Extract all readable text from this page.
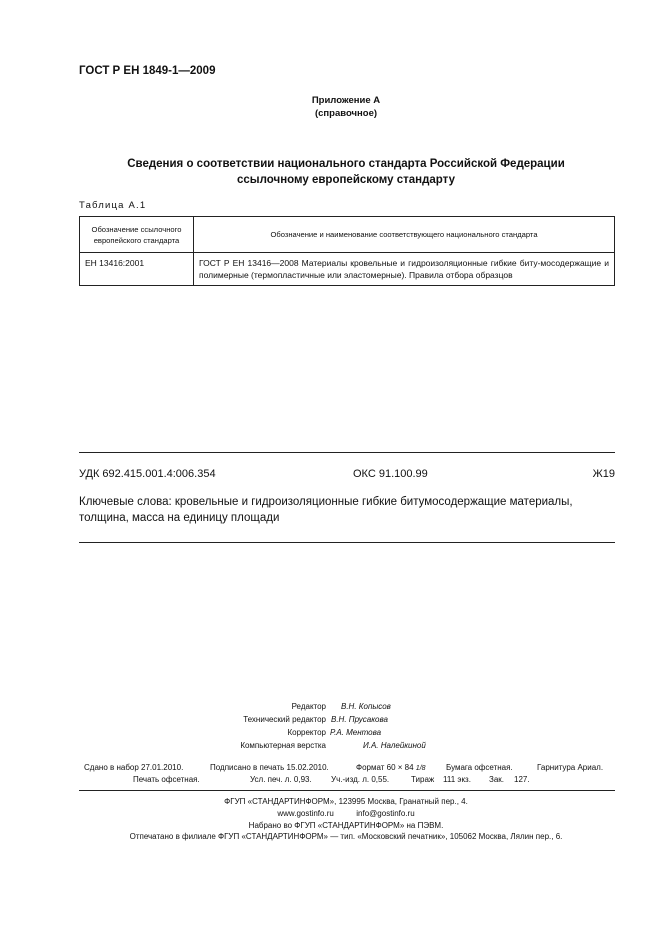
ГОСТ Р ЕН 1849-1—2009
Приложение А
(справочное)
Сведения о соответствии национального стандарта Российской Федерации
ссылочному европейскому стандарту
Таблица А.1
Обозначение ссылочного европейского стандарта	Обозначение и наименование соответствующего национального стандарта
ЕН 13416:2001	ГОСТ Р ЕН 13416—2008 Материалы кровельные и гидроизоляционные гибкие биту-мосодержащие и полимерные (термопластичные или эластомерные). Правила отбора образцов
УДК 692.415.001.4:006.354	ОКС 91.100.99	Ж19
Ключевые слова: кровельные и гидроизоляционные гибкие битумосодержащие материалы, толщина, масса на единицу площади
Редактор В.Н. Копысов
Технический редактор В.Н. Прусакова
Корректор Р.А. Ментова
Компьютерная верстка	И.А. Налейкиной
Сдано в набор 27.01.2010.	Подписано в печать 15.02.2010.	Формат 60 × 84 1/8	Бумага офсетная.	Гарнитура Ариал.
Печать офсетная.	Усл. печ. л. 0,93. Уч.-изд. л. 0,55.	Тираж 111 экз. Зак. 127.
ФГУП «СТАНДАРТИНФОРМ», 123995 Москва, Гранатный пер., 4.
www.gostinfo.ru	info@gostinfo.ru
Набрано во ФГУП «СТАНДАРТИНФОРМ» на ПЭВМ.
Отпечатано в филиале ФГУП «СТАНДАРТИНФОРМ» — тип. «Московский печатник», 105062 Москва, Лялин пер., 6.
